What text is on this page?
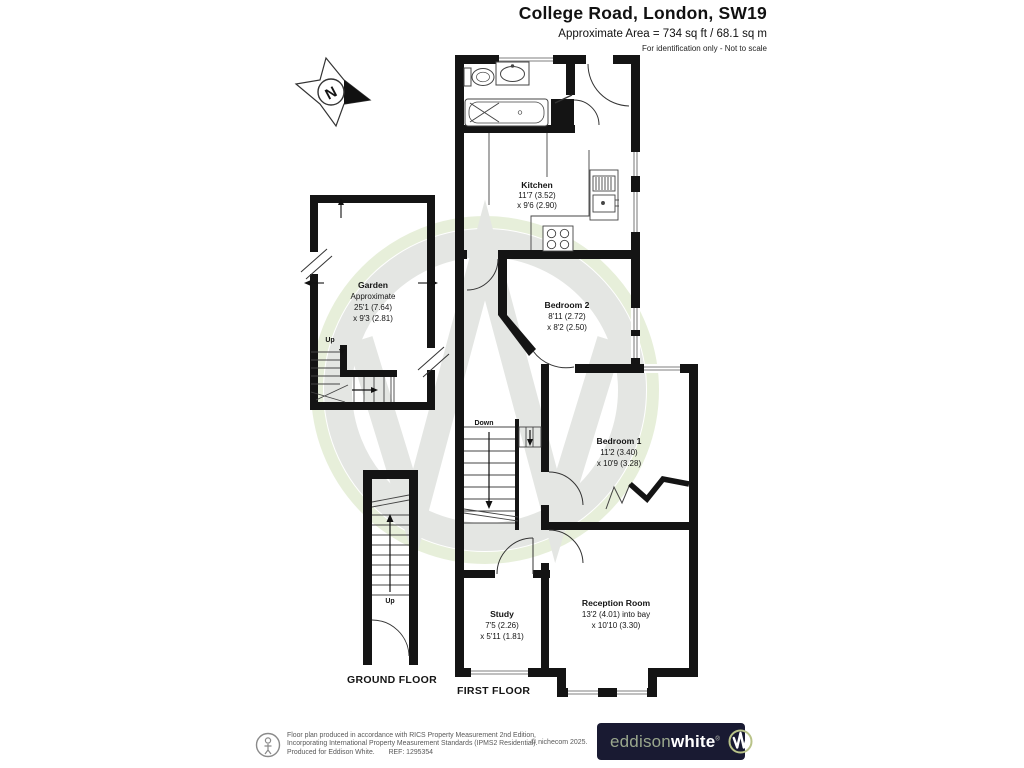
College Road, London, SW19
Approximate Area = 734 sq ft / 68.1 sq m
For identification only - Not to scale
N
Kitchen
11'7 (3.52)
x 9'6 (2.90)
Bedroom 2
8'11 (2.72)
x 8'2 (2.50)
Bedroom 1
11'2 (3.40)
x 10'9 (3.28)
Study
7'5 (2.26)
x 5'11 (1.81)
Reception Room
13'2 (4.01) into bay
x 10'10 (3.30)
Garden
Approximate
25'1 (7.64)
x 9'3 (2.81)
Down
Up
Up
GROUND FLOOR
FIRST FLOOR
Floor plan produced in accordance with RICS Property Measurement 2nd Edition,
Incorporating International Property Measurement Standards (IPMS2 Residential).
Produced for Eddison White. REF: 1295354
© nichecom 2025. eddisonwhite®
